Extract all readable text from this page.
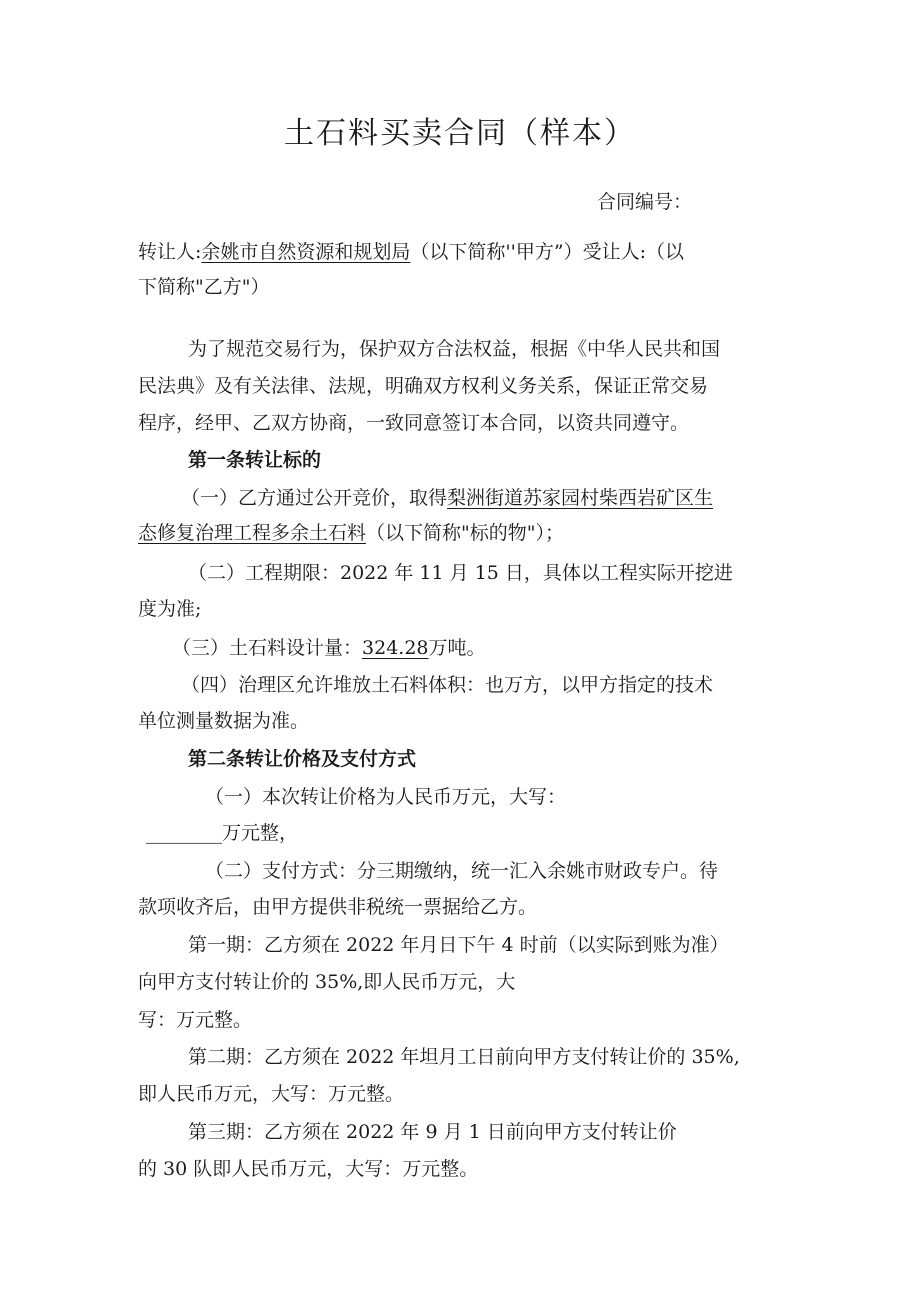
土石料买卖合同（样本）
合同编号：
转让人:余姚市自然资源和规划局（以下简称''甲方”）受让人:（以
下简称"乙方"）
为了规范交易行为，保护双方合法权益，根据《中华人民共和国
民法典》及有关法律、法规，明确双方权利义务关系，保证正常交易
程序，经甲、乙双方协商，一致同意签订本合同，以资共同遵守。
第一条转让标的
（一）乙方通过公开竞价，取得梨洲街道苏家园村柴西岩矿区生
态修复治理工程多余土石料（以下简称"标的物"）；
（二）工程期限：2022 年 11 月 15 日，具体以工程实际开挖进
度为准;
（三）土石料设计量：324.28万吨。
（四）治理区允许堆放土石料体积：也万方，以甲方指定的技术
单位测量数据为准。
第二条转让价格及支付方式
（一）本次转让价格为人民币万元，大写：
________万元整，
（二）支付方式：分三期缴纳，统一汇入余姚市财政专户。待
款项收齐后，由甲方提供非税统一票据给乙方。
第一期：乙方须在 2022 年月日下午 4 时前（以实际到账为准）
向甲方支付转让价的 35%,即人民币万元，大
写：万元整。
第二期：乙方须在 2022 年坦月工日前向甲方支付转让价的 35%,
即人民币万元，大写：万元整。
第三期：乙方须在 2022 年 9 月 1 日前向甲方支付转让价
的 30 队即人民币万元，大写：万元整。
